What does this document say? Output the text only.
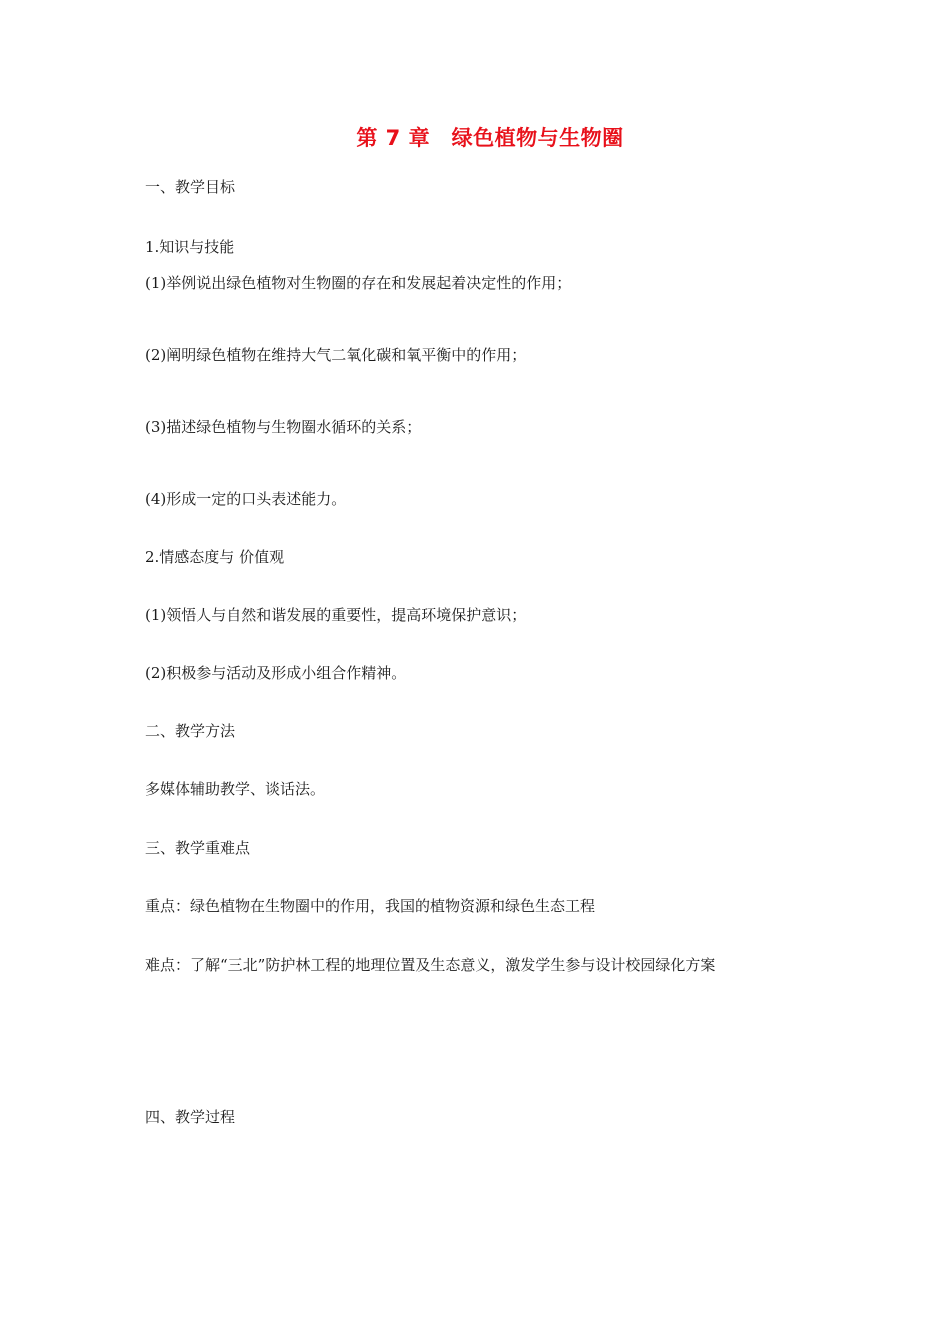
第 7 章　绿色植物与生物圈
一、教学目标
1.知识与技能
(1)举例说出绿色植物对生物圈的存在和发展起着决定性的作用；
(2)阐明绿色植物在维持大气二氧化碳和氧平衡中的作用；
(3)描述绿色植物与生物圈水循环的关系；
(4)形成一定的口头表述能力。
2.情感态度与 价值观
(1)领悟人与自然和谐发展的重要性，提高环境保护意识；
(2)积极参与活动及形成小组合作精神。
二、教学方法
多媒体辅助教学、谈话法。
三、教学重难点
重点：绿色植物在生物圈中的作用，我国的植物资源和绿色生态工程
难点：了解“三北”防护林工程的地理位置及生态意义，激发学生参与设计校园绿化方案
四、教学过程
